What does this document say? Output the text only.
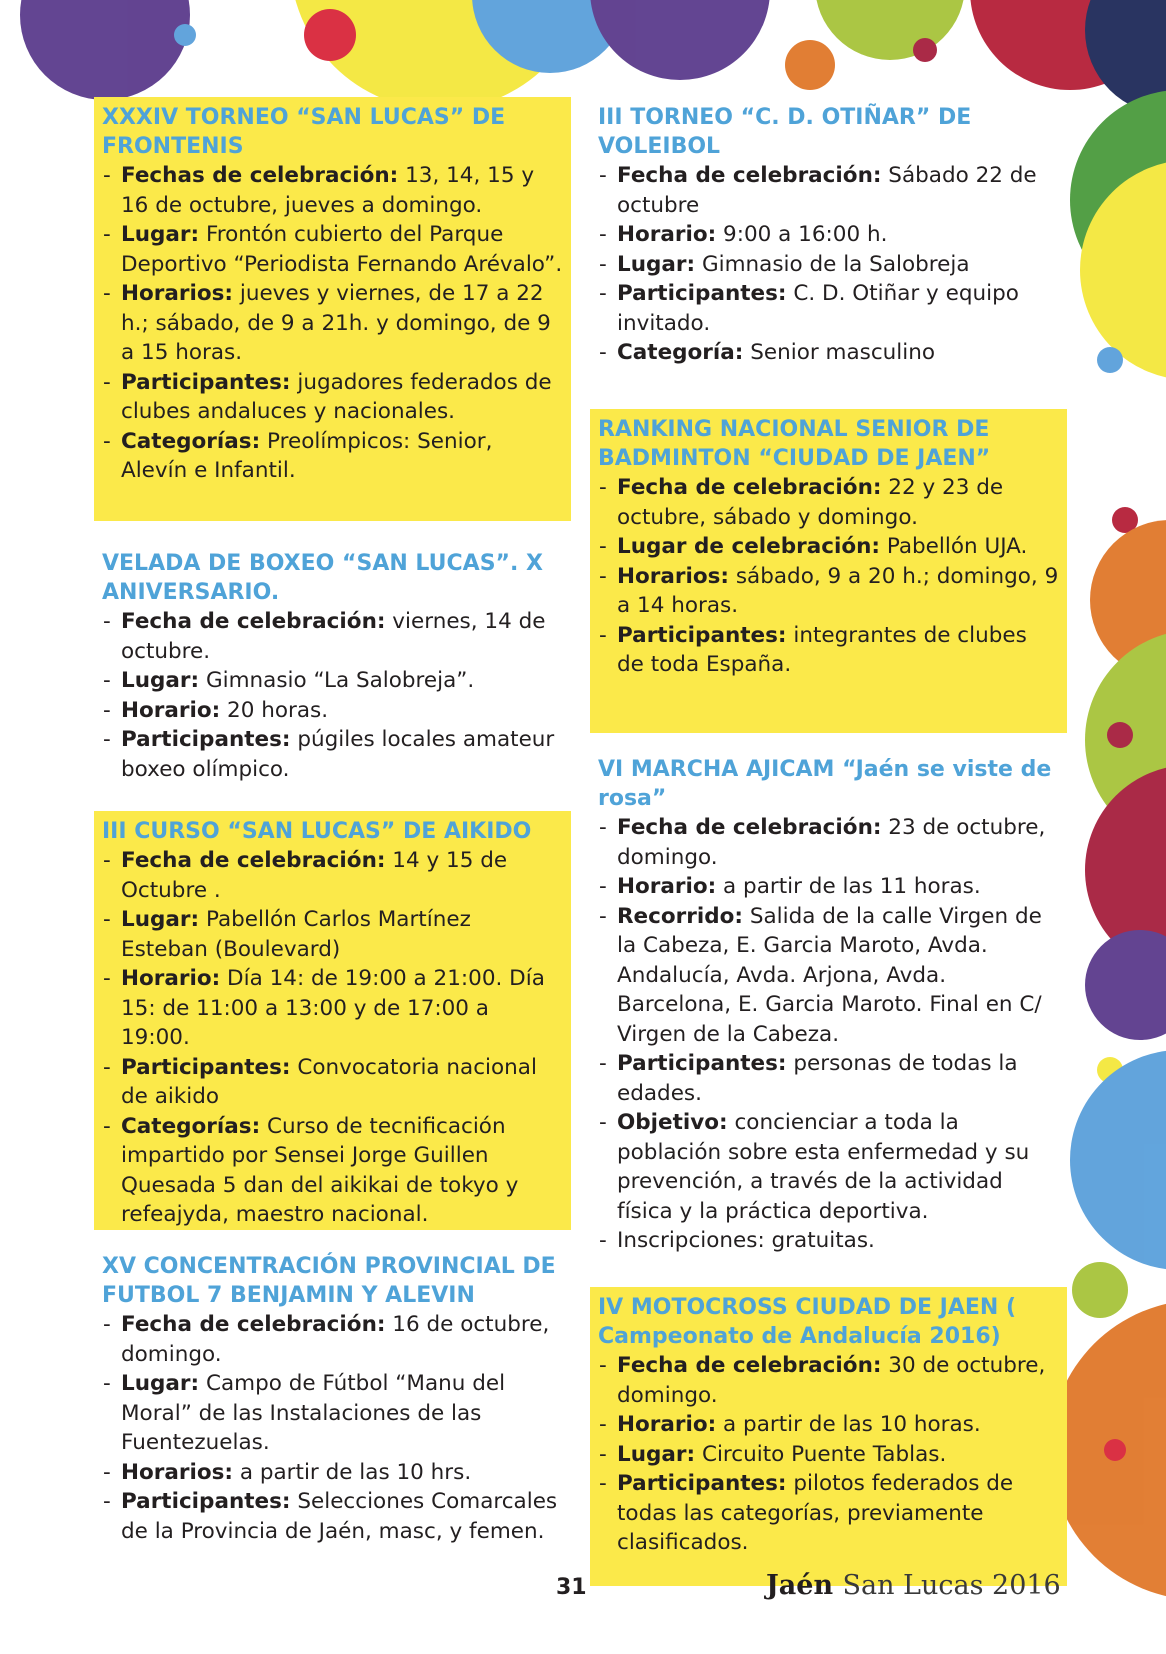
XXXIV TORNEO “SAN LUCAS” DE FRONTENIS
- Fechas de celebración: 13, 14, 15 y 16 de octubre, jueves a domingo.
- Lugar: Frontón cubierto del Parque Deportivo “Periodista Fernando Arévalo”.
- Horarios: jueves y viernes, de 17 a 22 h.; sábado, de 9 a 21h. y domingo, de 9 a 15 horas.
- Participantes: jugadores federados de clubes andaluces y nacionales.
- Categorías: Preolímpicos: Senior, Alevín e Infantil.
VELADA DE BOXEO “SAN LUCAS”. X ANIVERSARIO.
- Fecha de celebración: viernes, 14 de octubre.
- Lugar: Gimnasio “La Salobreja”.
- Horario: 20 horas.
- Participantes: púgiles locales amateur boxeo olímpico.
III CURSO “SAN LUCAS” DE AIKIDO
- Fecha de celebración: 14 y 15 de Octubre .
- Lugar: Pabellón Carlos Martínez Esteban (Boulevard)
- Horario: Día 14: de 19:00 a 21:00. Día 15: de 11:00 a 13:00 y de 17:00 a 19:00.
- Participantes: Convocatoria nacional de aikido
- Categorías: Curso de tecnificación impartido por Sensei Jorge Guillen Quesada 5 dan del aikikai de tokyo y refeajyda, maestro nacional.
XV CONCENTRACIÓN PROVINCIAL DE FUTBOL 7 BENJAMIN Y ALEVIN
- Fecha de celebración: 16 de octubre, domingo.
- Lugar: Campo de Fútbol “Manu del Moral” de las Instalaciones de las Fuentezuelas.
- Horarios: a partir de las 10 hrs.
- Participantes: Selecciones Comarcales de la Provincia de Jaén, masc, y femen.
III TORNEO “C. D. OTIÑAR” DE VOLEIBOL
- Fecha de celebración: Sábado 22 de octubre
- Horario: 9:00 a 16:00 h.
- Lugar: Gimnasio de la Salobreja
- Participantes: C. D. Otiñar y equipo invitado.
- Categoría: Senior masculino
RANKING NACIONAL SENIOR DE BADMINTON “CIUDAD DE JAEN”
- Fecha de celebración: 22 y 23 de octubre, sábado y domingo.
- Lugar de celebración: Pabellón UJA.
- Horarios: sábado, 9 a 20 h.; domingo, 9 a 14 horas.
- Participantes: integrantes de clubes de toda España.
VI MARCHA AJICAM “Jaén se viste de rosa”
- Fecha de celebración: 23 de octubre, domingo.
- Horario: a partir de las 11 horas.
- Recorrido: Salida de la calle Virgen de la Cabeza, E. Garcia Maroto, Avda. Andalucía, Avda. Arjona, Avda. Barcelona, E. Garcia Maroto. Final en C/ Virgen de la Cabeza.
- Participantes: personas de todas la edades.
- Objetivo: concienciar a toda la población sobre esta enfermedad y su prevención, a través de la actividad física y la práctica deportiva.
- Inscripciones: gratuitas.
IV MOTOCROSS CIUDAD DE JAEN ( Campeonato de Andalucía 2016)
- Fecha de celebración: 30 de octubre, domingo.
- Horario: a partir de las 10 horas.
- Lugar: Circuito Puente Tablas.
- Participantes: pilotos federados de todas las categorías, previamente clasificados.
31	Jaén San Lucas 2016
